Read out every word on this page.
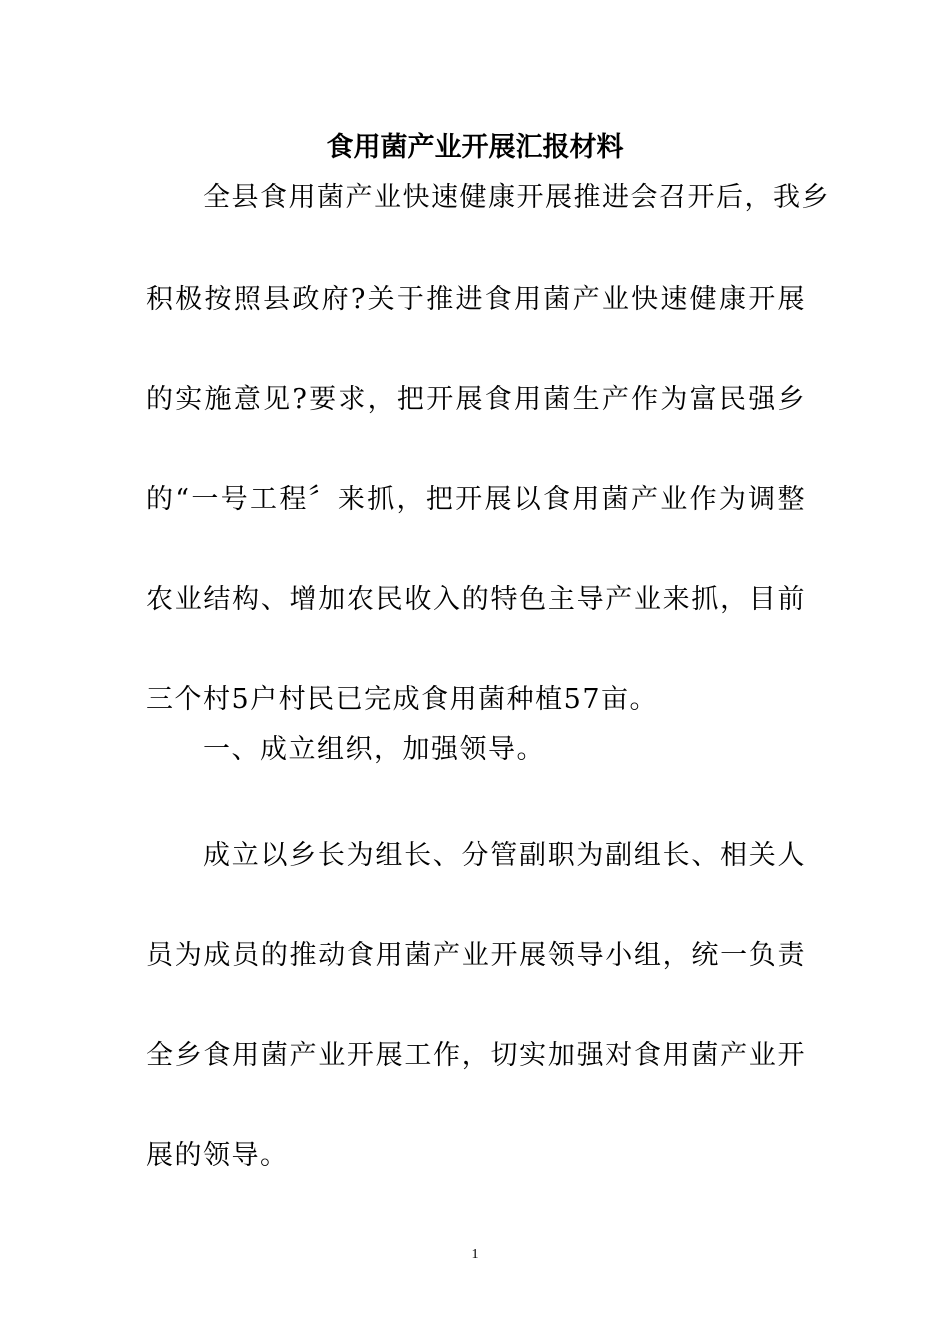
食用菌产业开展汇报材料
全县食用菌产业快速健康开展推进会召开后，我乡
积极按照县政府?关于推进食用菌产业快速健康开展
的实施意见?要求，把开展食用菌生产作为富民强乡
的“一号工程〞来抓，把开展以食用菌产业作为调整
农业结构、增加农民收入的特色主导产业来抓，目前
三个村5户村民已完成食用菌种植57亩。
一、成立组织，加强领导。
成立以乡长为组长、分管副职为副组长、相关人
员为成员的推动食用菌产业开展领导小组，统一负责
全乡食用菌产业开展工作，切实加强对食用菌产业开
展的领导。
1
